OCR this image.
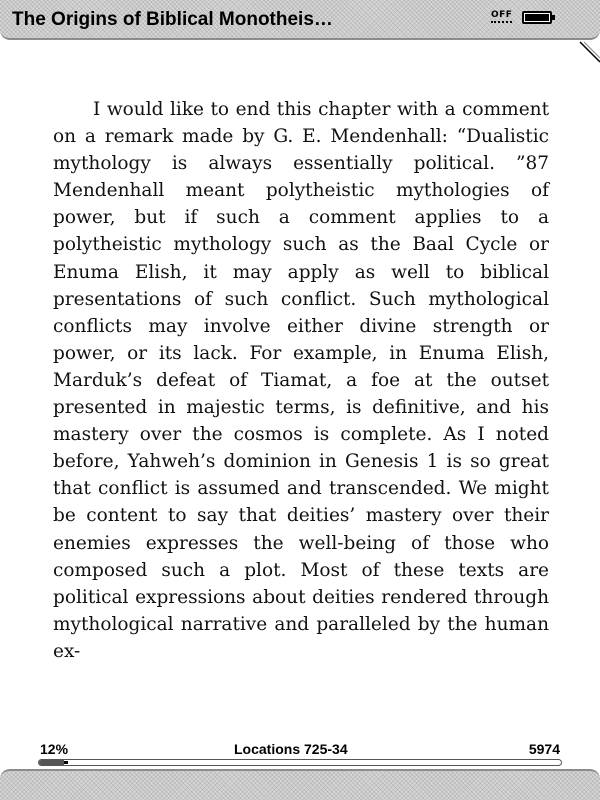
The Origins of Biblical Monotheis…	OFF

I would like to end this chapter with a comment on a remark made by G. E. Mendenhall: “Dualistic mythology is always essentially political. ”87 Mendenhall meant polytheistic mythologies of power, but if such a comment applies to a polytheistic mythology such as the Baal Cycle or Enuma Elish, it may apply as well to biblical presentations of such conflict. Such mythological conflicts may involve either divine strength or power, or its lack. For example, in Enuma Elish, Marduk’s defeat of Tiamat, a foe at the outset presented in majestic terms, is definitive, and his mastery over the cosmos is complete. As I noted before, Yahweh’s dominion in Genesis 1 is so great that conflict is assumed and transcended. We might be content to say that deities’ mastery over their enemies expresses the well-being of those who composed such a plot. Most of these texts are political expressions about deities rendered through mythological narrative and paralleled by the human ex-

12%	Locations 725-34	5974
